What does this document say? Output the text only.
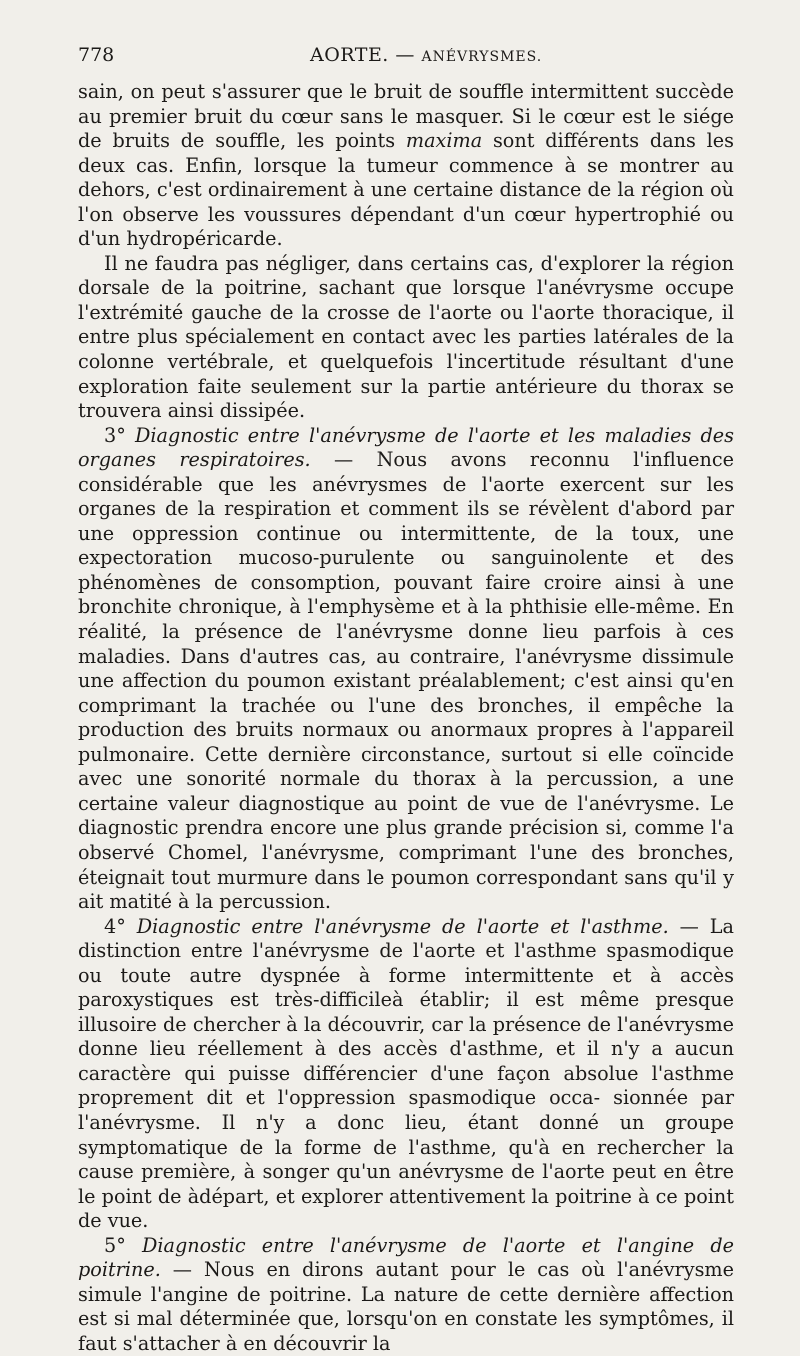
778	AORTE. — ANÉVRYSMES.

sain, on peut s'assurer que le bruit de souffle intermittent succède au premier bruit du cœur sans le masquer. Si le cœur est le siége de bruits de souffle, les points maxima sont différents dans les deux cas. Enfin, lorsque la tumeur commence à se montrer au dehors, c'est ordinairement à une certaine distance de la région où l'on observe les voussures dépendant d'un cœur hypertrophié ou d'un hydropéricarde.

Il ne faudra pas négliger, dans certains cas, d'explorer la région dorsale de la poitrine, sachant que lorsque l'anévrysme occupe l'extrémité gauche de la crosse de l'aorte ou l'aorte thoracique, il entre plus spécialement en contact avec les parties latérales de la colonne vertébrale, et quelquefois l'incertitude résultant d'une exploration faite seulement sur la partie antérieure du thorax se trouvera ainsi dissipée.

3° Diagnostic entre l'anévrysme de l'aorte et les maladies des organes respiratoires. — Nous avons reconnu l'influence considérable que les anévrysmes de l'aorte exercent sur les organes de la respiration et comment ils se révèlent d'abord par une oppression continue ou intermittente, de la toux, une expectoration mucoso-purulente ou sanguinolente et des phénomènes de consomption, pouvant faire croire ainsi à une bronchite chronique, à l'emphysème et à la phthisie elle-même. En réalité, la présence de l'anévrysme donne lieu parfois à ces maladies. Dans d'autres cas, au contraire, l'anévrysme dissimule une affection du poumon existant préalablement; c'est ainsi qu'en comprimant la trachée ou l'une des bronches, il empêche la production des bruits normaux ou anormaux propres à l'appareil pulmonaire. Cette dernière circonstance, surtout si elle coïncide avec une sonorité normale du thorax à la percussion, a une certaine valeur diagnostique au point de vue de l'anévrysme. Le diagnostic prendra encore une plus grande précision si, comme l'a observé Chomel, l'anévrysme, comprimant l'une des bronches, éteignait tout murmure dans le poumon correspondant sans qu'il y ait matité à la percussion.

4° Diagnostic entre l'anévrysme de l'aorte et l'asthme. — La distinction entre l'anévrysme de l'aorte et l'asthme spasmodique ou toute autre dyspnée à forme intermittente et à accès paroxystiques est très-difficileà établir; il est même presque illusoire de chercher à la découvrir, car la présence de l'anévrysme donne lieu réellement à des accès d'asthme, et il n'y a aucun caractère qui puisse différencier d'une façon absolue l'asthme proprement dit et l'oppression spasmodique occa- sionnée par l'anévrysme. Il n'y a donc lieu, étant donné un groupe symptomatique de la forme de l'asthme, qu'à en rechercher la cause première, à songer qu'un anévrysme de l'aorte peut en être le point de àdépart, et explorer attentivement la poitrine à ce point de vue.

5° Diagnostic entre l'anévrysme de l'aorte et l'angine de poitrine. — Nous en dirons autant pour le cas où l'anévrysme simule l'angine de poitrine. La nature de cette dernière affection est si mal déterminée que, lorsqu'on en constate les symptômes, il faut s'attacher à en découvrir la
